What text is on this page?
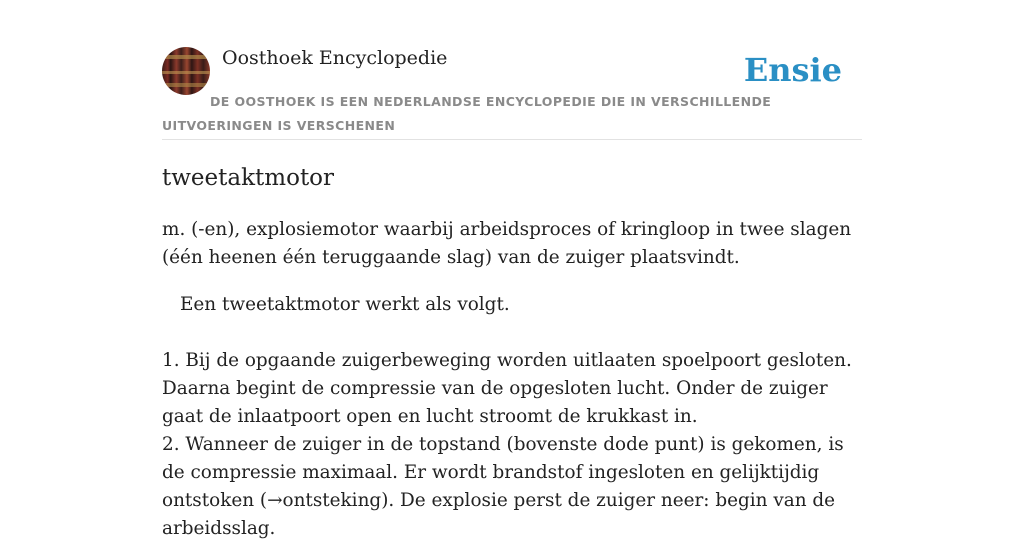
Oosthoek Encyclopedie	Ensie
DE OOSTHOEK IS EEN NEDERLANDSE ENCYCLOPEDIE DIE IN VERSCHILLENDE UITVOERINGEN IS VERSCHENEN
tweetaktmotor

m. (-en), explosiemotor waarbij arbeidsproces of kringloop in twee slagen (één heenen één teruggaande slag) van de zuiger plaatsvindt.

Een tweetaktmotor werkt als volgt.

1. Bij de opgaande zuigerbeweging worden uitlaaten spoelpoort gesloten. Daarna begint de compressie van de opgesloten lucht. Onder de zuiger gaat de inlaatpoort open en lucht stroomt de krukkast in.

2. Wanneer de zuiger in de topstand (bovenste dode punt) is gekomen, is de compressie maximaal. Er wordt brandstof ingesloten en gelijktijdig ontstoken (→ontsteking). De explosie perst de zuiger neer: begin van de arbeidsslag.
